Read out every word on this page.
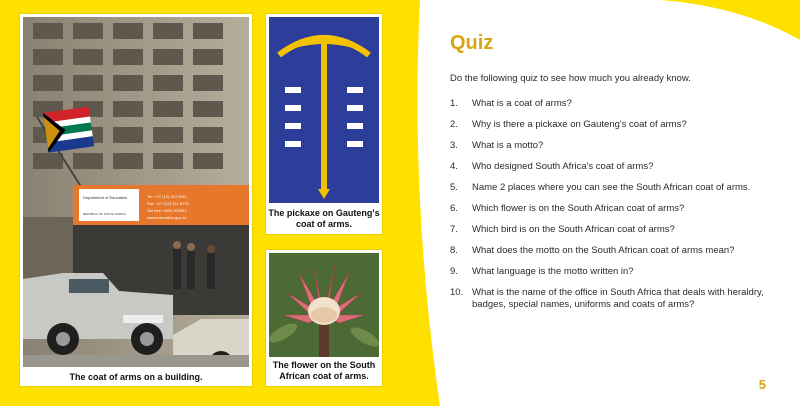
Department of Education
REPUBLIC OF SOUTH AFRICA
Tel: +27 (12) 312 5911
Fax: +27 (12) 321 6770
Toll free: 0800 202933
www.education.gov.za
The coat of arms on a building.
The pickaxe on Gauteng's coat of arms.
The flower on the South African coat of arms.
Quiz
Do the following quiz to see how much you already know.
1. What is a coat of arms?
2. Why is there a pickaxe on Gauteng's coat of arms?
3. What is a motto?
4. Who designed South Africa's coat of arms?
5. Name 2 places where you can see the South African coat of arms.
6. Which flower is on the South African coat of arms?
7. Which bird is on the South African coat of arms?
8. What does the motto on the South African coat of arms mean?
9. What language is the motto written in?
10. What is the name of the office in South Africa that deals with heraldry, badges, special names, uniforms and coats of arms?
5
